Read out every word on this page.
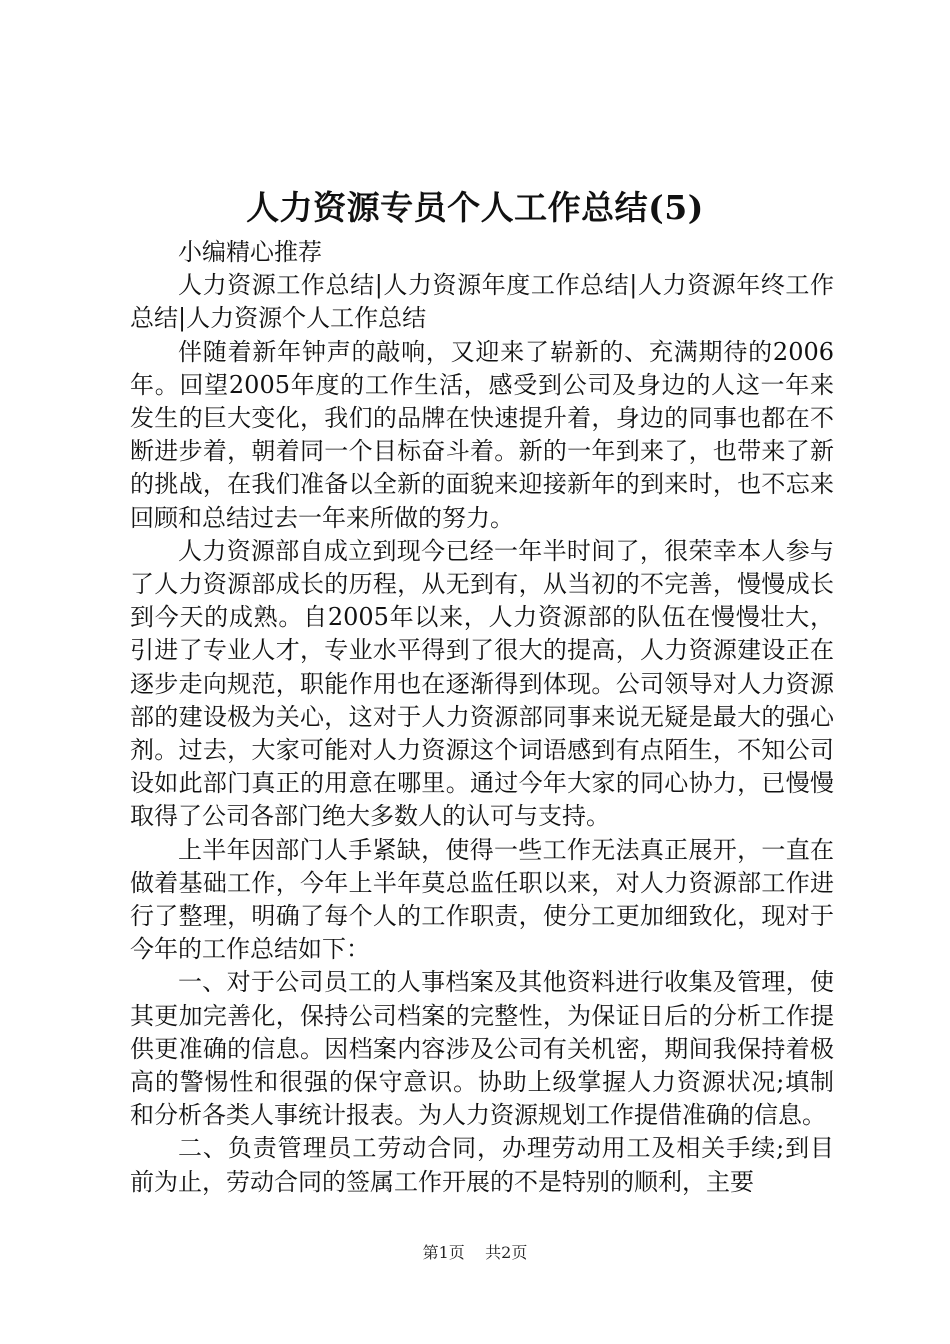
人力资源专员个人工作总结(5)

小编精心推荐

人力资源工作总结|人力资源年度工作总结|人力资源年终工作总结|人力资源个人工作总结

伴随着新年钟声的敲响，又迎来了崭新的、充满期待的2006年。回望2005年度的工作生活，感受到公司及身边的人这一年来发生的巨大变化，我们的品牌在快速提升着，身边的同事也都在不断进步着，朝着同一个目标奋斗着。新的一年到来了，也带来了新的挑战，在我们准备以全新的面貌来迎接新年的到来时，也不忘来回顾和总结过去一年来所做的努力。

人力资源部自成立到现今已经一年半时间了，很荣幸本人参与了人力资源部成长的历程，从无到有，从当初的不完善，慢慢成长到今天的成熟。自2005年以来，人力资源部的队伍在慢慢壮大，引进了专业人才，专业水平得到了很大的提高，人力资源建设正在逐步走向规范，职能作用也在逐渐得到体现。公司领导对人力资源部的建设极为关心，这对于人力资源部同事来说无疑是最大的强心剂。过去，大家可能对人力资源这个词语感到有点陌生，不知公司设如此部门真正的用意在哪里。通过今年大家的同心协力，已慢慢取得了公司各部门绝大多数人的认可与支持。

上半年因部门人手紧缺，使得一些工作无法真正展开，一直在做着基础工作，今年上半年莫总监任职以来，对人力资源部工作进行了整理，明确了每个人的工作职责，使分工更加细致化，现对于今年的工作总结如下：

一、对于公司员工的人事档案及其他资料进行收集及管理，使其更加完善化，保持公司档案的完整性，为保证日后的分析工作提供更准确的信息。因档案内容涉及公司有关机密，期间我保持着极高的警惕性和很强的保守意识。协助上级掌握人力资源状况;填制和分析各类人事统计报表。为人力资源规划工作提借准确的信息。

二、负责管理员工劳动合同，办理劳动用工及相关手续;到目前为止，劳动合同的签属工作开展的不是特别的顺利，主要

第1页 共2页
